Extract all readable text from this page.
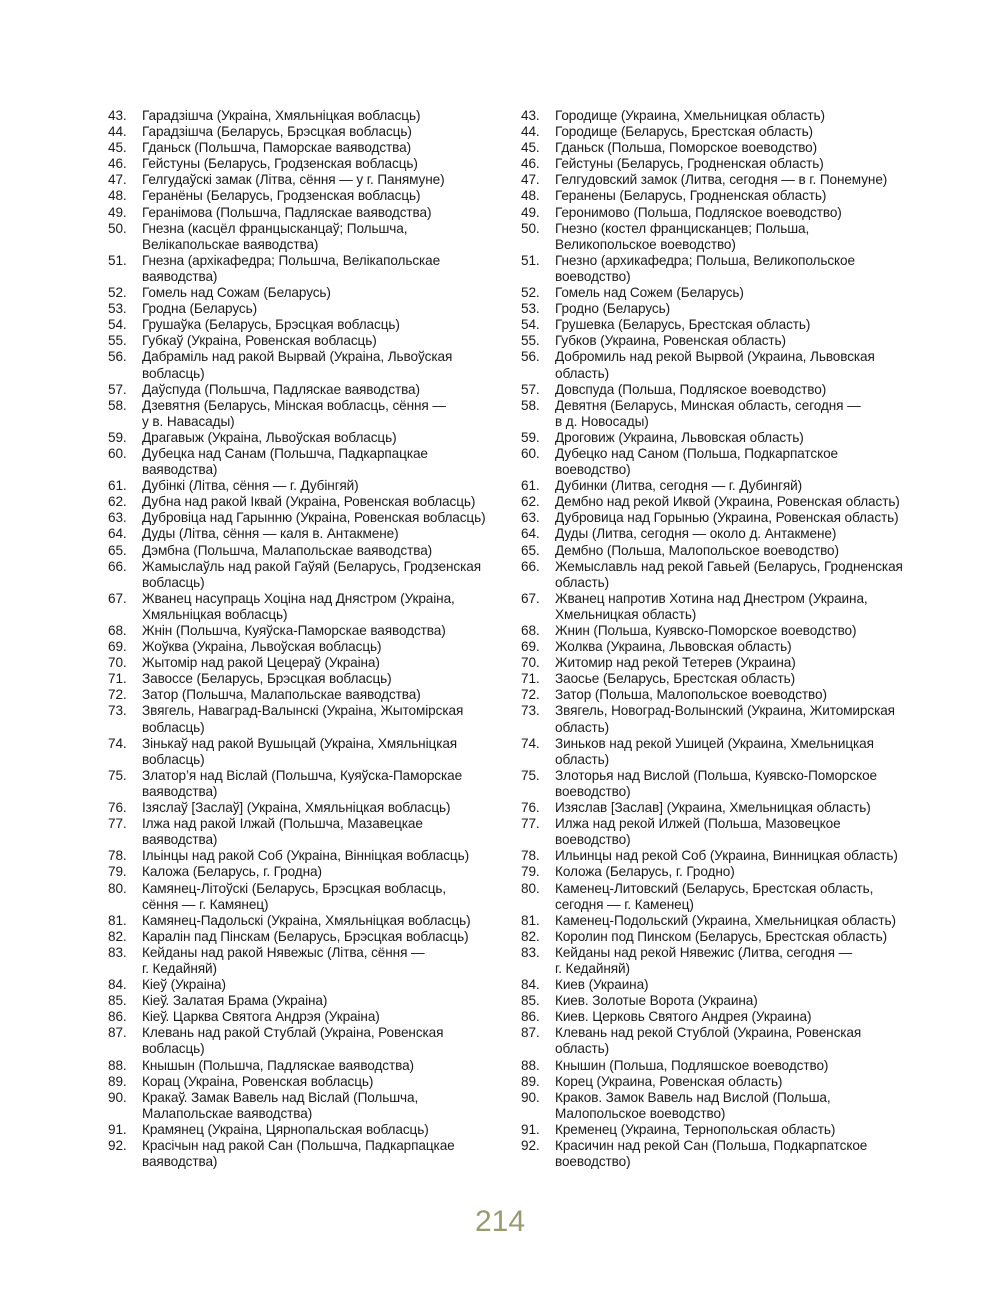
43.	Гарадзішча (Украіна, Хмяльніцкая вобласць)
44.	Гарадзішча (Беларусь, Брэсцкая вобласць)
45.	Гданьск (Польшча, Паморскае ваяводства)
46.	Гейстуны (Беларусь, Гродзенская вобласць)
47.	Гелгудаўскі замак (Літва, сёння — у г. Панямуне)
48.	Геранёны (Беларусь, Гродзенская вобласць)
49.	Геранімова (Польшча, Падляскае ваяводства)
50.	Гнезна (касцёл францысканцаў; Польшча,
Велікапольскае ваяводства)
51.	Гнезна (архікафедра; Польшча, Велікапольскае
ваяводства)
52.	Гомель над Сожам (Беларусь)
53.	Гродна (Беларусь)
54.	Грушаўка (Беларусь, Брэсцкая вобласць)
55.	Губкаў (Украіна, Ровенская вобласць)
56.	Дабраміль над ракой Вырвай (Украіна, Львоўская
вобласць)
57.	Даўспуда (Польшча, Падляскае ваяводства)
58.	Дзевятня (Беларусь, Мінская вобласць, сёння —
у в. Навасады)
59.	Драгавыж (Украіна, Львоўская вобласць)
60.	Дубецка над Санам (Польшча, Падкарпацкае
ваяводства)
61.	Дубінкі (Літва, сёння — г. Дубінгяй)
62.	Дубна над ракой Іквай (Украіна, Ровенская вобласць)
63.	Дубровіца над Гарынню (Украіна, Ровенская вобласць)
64.	Дуды (Літва, сёння — каля в. Антакмене)
65.	Дэмбна (Польшча, Малапольскае ваяводства)
66.	Жамыслаўль над ракой Гаўяй (Беларусь, Гродзенская
вобласць)
67.	Жванец насупраць Хоціна над Днястром (Украіна,
Хмяльніцкая вобласць)
68.	Жнін (Польшча, Куяўска-Паморскае ваяводства)
69.	Жоўква (Украіна, Львоўская вобласць)
70.	Жытомір над ракой Цецераў (Украіна)
71.	Завоссе (Беларусь, Брэсцкая вобласць)
72.	Затор (Польшча, Малапольскае ваяводства)
73.	Звягель, Наваград-Валынскі (Украіна, Жытомірская
вобласць)
74.	Зінькаў над ракой Вушыцай (Украіна, Хмяльніцкая
вобласць)
75.	Златор’я над Віслай (Польшча, Куяўска-Паморскае
ваяводства)
76.	Ізяслаў [Заслаў] (Украіна, Хмяльніцкая вобласць)
77.	Ілжа над ракой Ілжай (Польшча, Мазавецкае
ваяводства)
78.	Ільінцы над ракой Соб (Украіна, Вінніцкая вобласць)
79.	Каложа (Беларусь, г. Гродна)
80.	Камянец-Літоўскі (Беларусь, Брэсцкая вобласць,
сёння — г. Камянец)
81.	Камянец-Падольскі (Украіна, Хмяльніцкая вобласць)
82.	Каралін пад Пінскам (Беларусь, Брэсцкая вобласць)
83.	Кейданы над ракой Нявежыс (Літва, сёння —
г. Кедайняй)
84.	Кіеў (Украіна)
85.	Кіеў. Залатая Брама (Украіна)
86.	Кіеў. Царква Святога Андрэя (Украіна)
87.	Клевань над ракой Стублай (Украіна, Ровенская
вобласць)
88.	Кнышын (Польшча, Падляскае ваяводства)
89.	Корац (Украіна, Ровенская вобласць)
90.	Кракаў. Замак Вавель над Віслай (Польшча,
Малапольскае ваяводства)
91.	Крамянец (Украіна, Цярнопальская вобласць)
92.	Красічын над ракой Сан (Польшча, Падкарпацкае
ваяводства)
43.	Городище (Украина, Хмельницкая область)
44.	Городище (Беларусь, Брестская область)
45.	Гданьск (Польша, Поморское воеводство)
46.	Гейстуны (Беларусь, Гродненская область)
47.	Гелгудовский замок (Литва, сегодня — в г. Понемуне)
48.	Геранены (Беларусь, Гродненская область)
49.	Геронимово (Польша, Подляское воеводство)
50.	Гнезно (костел францисканцев; Польша,
Великопольское воеводство)
51.	Гнезно (архикафедра; Польша, Великопольское
воеводство)
52.	Гомель над Сожем (Беларусь)
53.	Гродно (Беларусь)
54.	Грушевка (Беларусь, Брестская область)
55.	Губков (Украина, Ровенская область)
56.	Добромиль над рекой Вырвой (Украина, Львовская
область)
57.	Довспуда (Польша, Подляское воеводство)
58.	Девятня (Беларусь, Минская область, сегодня —
в д. Новосады)
59.	Дроговиж (Украина, Львовская область)
60.	Дубецко над Саном (Польша, Подкарпатское
воеводство)
61.	Дубинки (Литва, сегодня — г. Дубингяй)
62.	Дембно над рекой Иквой (Украина, Ровенская область)
63.	Дубровица над Горынью (Украина, Ровенская область)
64.	Дуды (Литва, сегодня — около д. Антакмене)
65.	Дембно (Польша, Малопольское воеводство)
66.	Жемыславль над рекой Гавьей (Беларусь, Гродненская
область)
67.	Жванец напротив Хотина над Днестром (Украина,
Хмельницкая область)
68.	Жнин (Польша, Куявско-Поморское воеводство)
69.	Жолква (Украина, Львовская область)
70.	Житомир над рекой Тетерев (Украина)
71.	Заосье (Беларусь, Брестская область)
72.	Затор (Польша, Малопольское воеводство)
73.	Звягель, Новоград-Волынский (Украина, Житомирская
область)
74.	Зиньков над рекой Ушицей (Украина, Хмельницкая
область)
75.	Злоторья над Вислой (Польша, Куявско-Поморское
воеводство)
76.	Изяслав [Заслав] (Украина, Хмельницкая область)
77.	Илжа над рекой Илжей (Польша, Мазовецкое
воеводство)
78.	Ильинцы над рекой Соб (Украина, Винницкая область)
79.	Коложа (Беларусь, г. Гродно)
80.	Каменец-Литовский (Беларусь, Брестская область,
сегодня — г. Каменец)
81.	Каменец-Подольский (Украина, Хмельницкая область)
82.	Королин под Пинском (Беларусь, Брестская область)
83.	Кейданы над рекой Нявежис (Литва, сегодня —
г. Кедайняй)
84.	Киев (Украина)
85.	Киев. Золотые Ворота (Украина)
86.	Киев. Церковь Святого Андрея (Украина)
87.	Клевань над рекой Стублой (Украина, Ровенская
область)
88.	Кнышин (Польша, Подляшское воеводство)
89.	Корец (Украина, Ровенская область)
90.	Краков. Замок Вавель над Вислой (Польша,
Малопольское воеводство)
91.	Кременец (Украина, Тернопольская область)
92.	Красичин над рекой Сан (Польша, Подкарпатское
воеводство)
214
